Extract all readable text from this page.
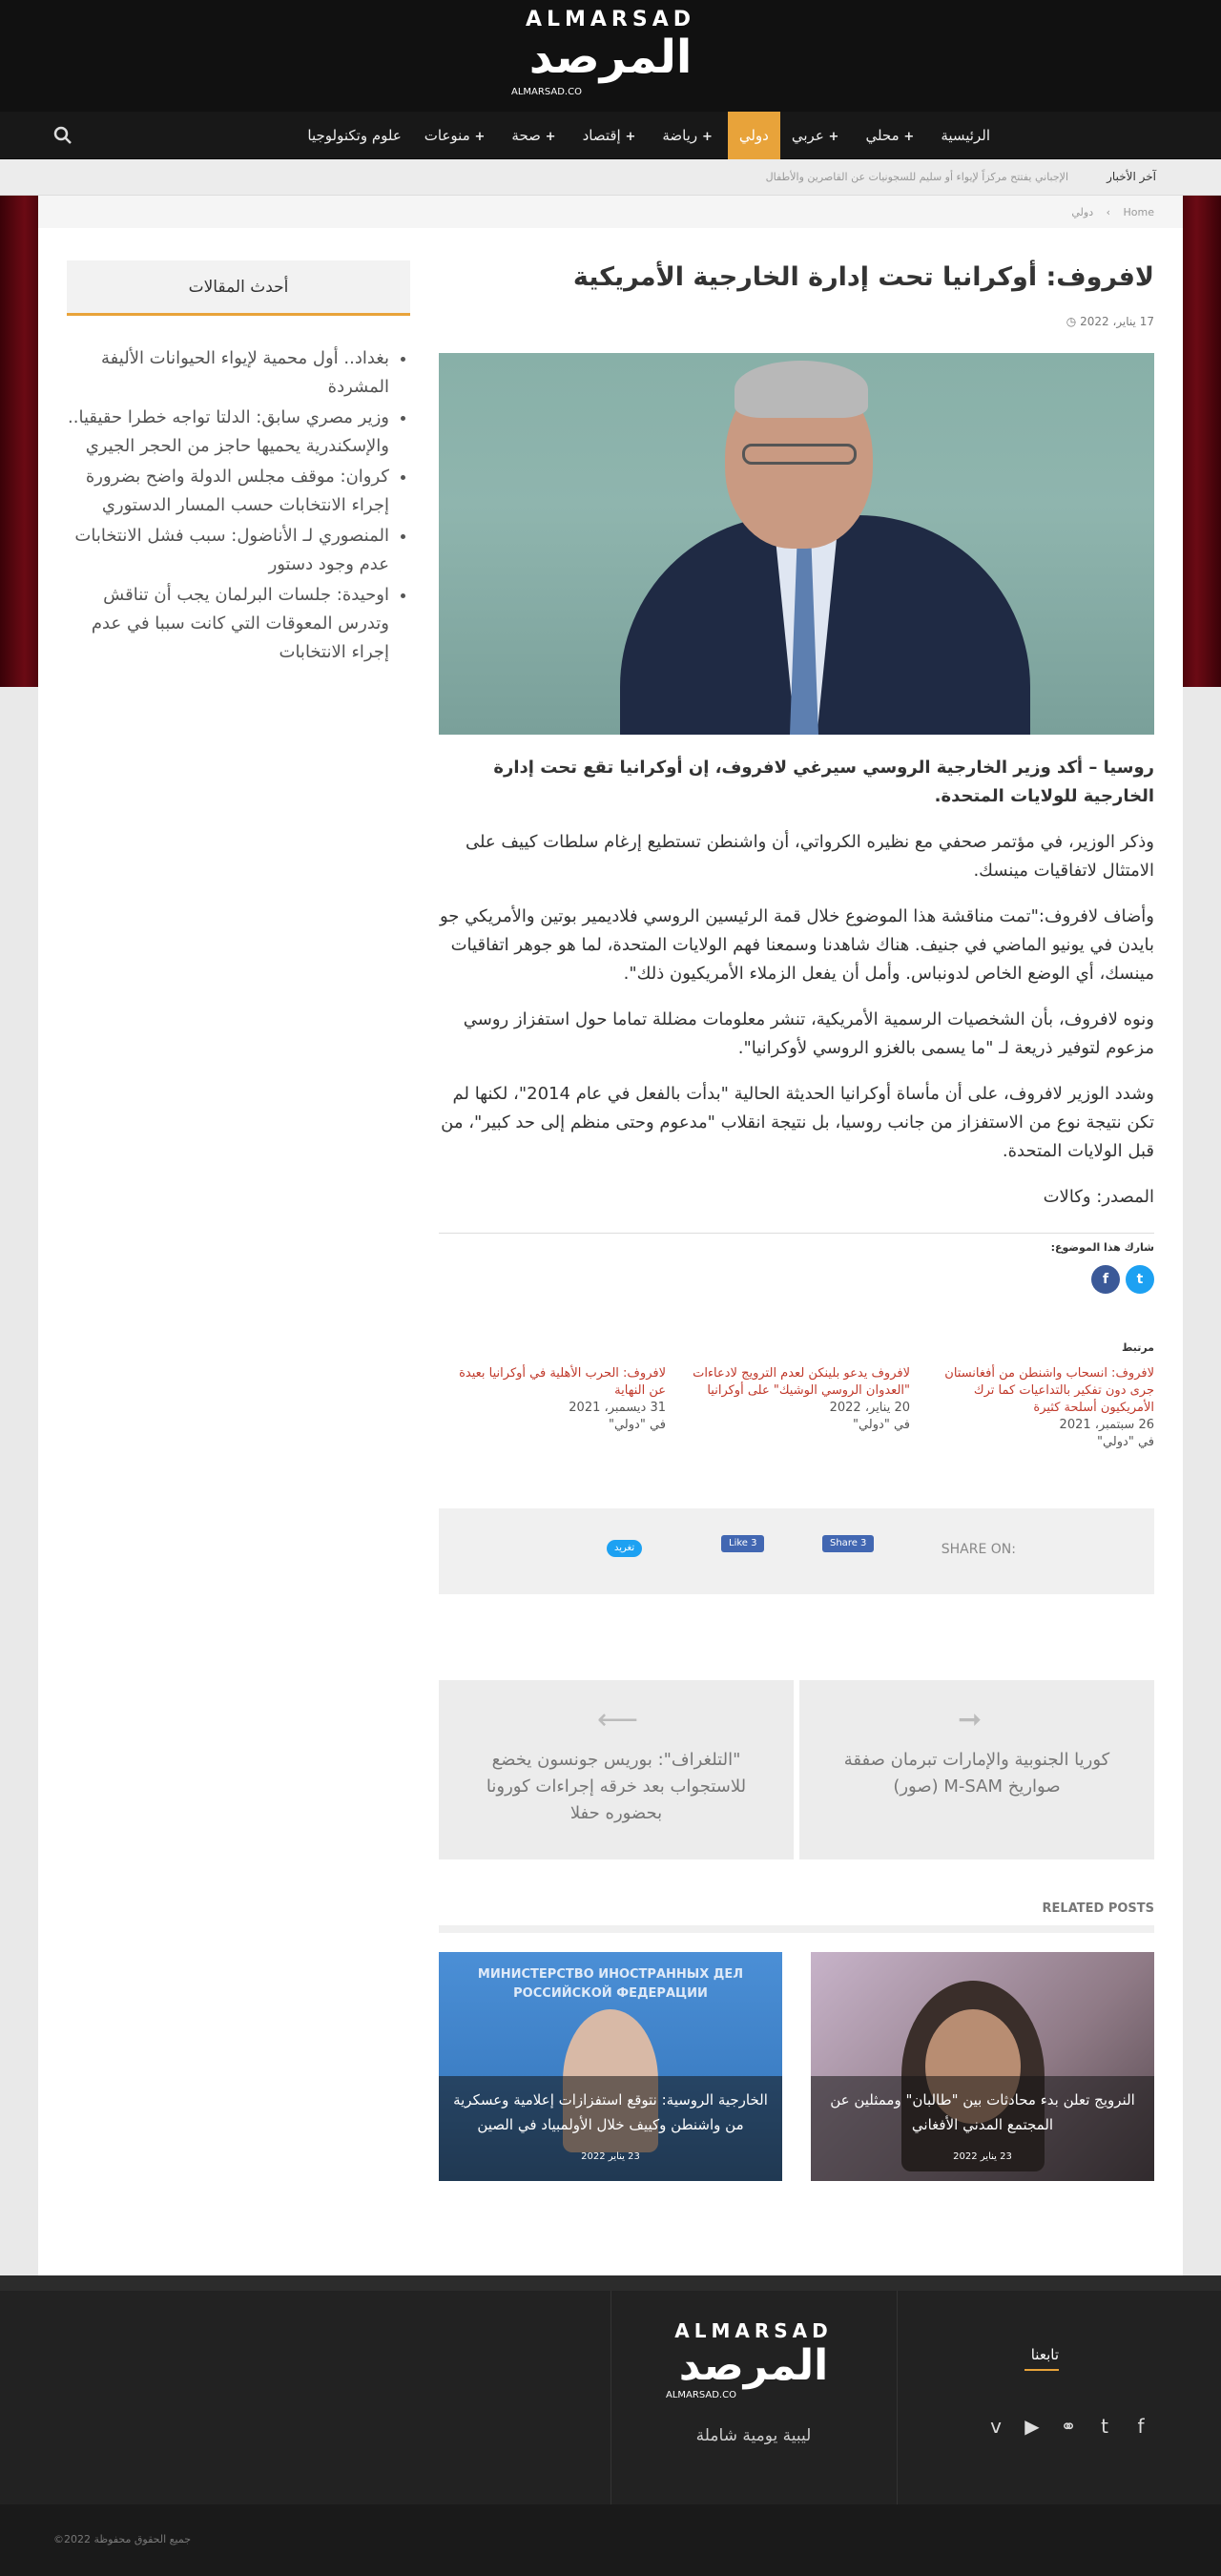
ALMARSAD
المرصد
ALMARSAD.CO
الرئيسية
محلي +
عربي +
دولي
رياضة +
إقتصاد +
صحة +
منوعات +
علوم وتكنولوجيا
آخر الأخبار
الإجباني يفتتح مركزاً لإيواء أو سليم للسجونيات عن القاصرين والأطفال
دولي ‹ Home
لافروف: أوكرانيا تحت إدارة الخارجية الأمريكية
17 يناير، 2022 ◷

روسيا – أكد وزير الخارجية الروسي سيرغي لافروف، إن أوكرانيا تقع تحت إدارة الخارجية للولايات المتحدة.

وذكر الوزير، في مؤتمر صحفي مع نظيره الكرواتي، أن واشنطن تستطيع إرغام سلطات كييف على الامتثال لاتفاقيات مينسك.

وأضاف لافروف:"تمت مناقشة هذا الموضوع خلال قمة الرئيسين الروسي فلاديمير بوتين والأمريكي جو بايدن في يونيو الماضي في جنيف. هناك شاهدنا وسمعنا فهم الولايات المتحدة، لما هو جوهر اتفاقيات مينسك، أي الوضع الخاص لدونباس. وأمل أن يفعل الزملاء الأمريكيون ذلك".

ونوه لافروف، بأن الشخصيات الرسمية الأمريكية، تنشر معلومات مضللة تماما حول استفزاز روسي مزعوم لتوفير ذريعة لـ "ما يسمى بالغزو الروسي لأوكرانيا".

وشدد الوزير لافروف، على أن مأساة أوكرانيا الحديثة الحالية "بدأت بالفعل في عام 2014"، لكنها لم تكن نتيجة نوع من الاستفزاز من جانب روسيا، بل نتيجة انقلاب "مدعوم وحتى منظم إلى حد كبير"، من قبل الولايات المتحدة.

المصدر: وكالات

شارك هذا الموضوع:
t
f
مرتبط
لافروف: انسحاب واشنطن من أفغانستان جرى دون تفكير بالتداعيات كما ترك الأمريكيون أسلحة كثيرة
26 سبتمبر، 2021
في "دولي"
لافروف يدعو بلينكن لعدم الترويج لادعاءات "العدوان الروسي الوشيك" على أوكرانيا
20 يناير، 2022
في "دولي"
لافروف: الحرب الأهلية في أوكرانيا بعيدة عن النهاية
31 ديسمبر، 2021
في "دولي"
SHARE ON:
Share 3
Like 3
تغريد
➞
كوريا الجنوبية والإمارات تبرمان صفقة صواريخ M-SAM (صور)
⟵
"التلغراف": بوريس جونسون يخضع للاستجواب بعد خرقه إجراءات كورونا بحضوره حفلا
RELATED POSTS
النرويج تعلن بدء محادثات بين "طالبان" وممثلين عن المجتمع المدني الأفغاني
23 يناير 2022
МИНИСТЕРСТВО ИНОСТРАННЫХ ДЕЛ РОССИЙСКОЙ ФЕДЕРАЦИИ
الخارجية الروسية: نتوقع استفزازات إعلامية وعسكرية من واشنطن وكييف خلال الأولمبياد في الصين
23 يناير 2022
أحدث المقالات
• بغداد.. أول محمية لإيواء الحيوانات الأليفة المشردة
• وزير مصري سابق: الدلتا تواجه خطرا حقيقيا.. والإسكندرية يحميها حاجز من الحجر الجيري
• كروان: موقف مجلس الدولة واضح بضرورة إجراء الانتخابات حسب المسار الدستوري
• المنصوري لـ الأناضول: سبب فشل الانتخابات عدم وجود دستور
• اوحيدة: جلسات البرلمان يجب أن تناقش وتدرس المعوقات التي كانت سببا في عدم إجراء الانتخابات
تابعنا
f
t
⚭
▶
v
ALMARSAD
المرصد
ALMARSAD.CO
ليبية يومية شاملة
جميع الحقوق محفوظة 2022©
